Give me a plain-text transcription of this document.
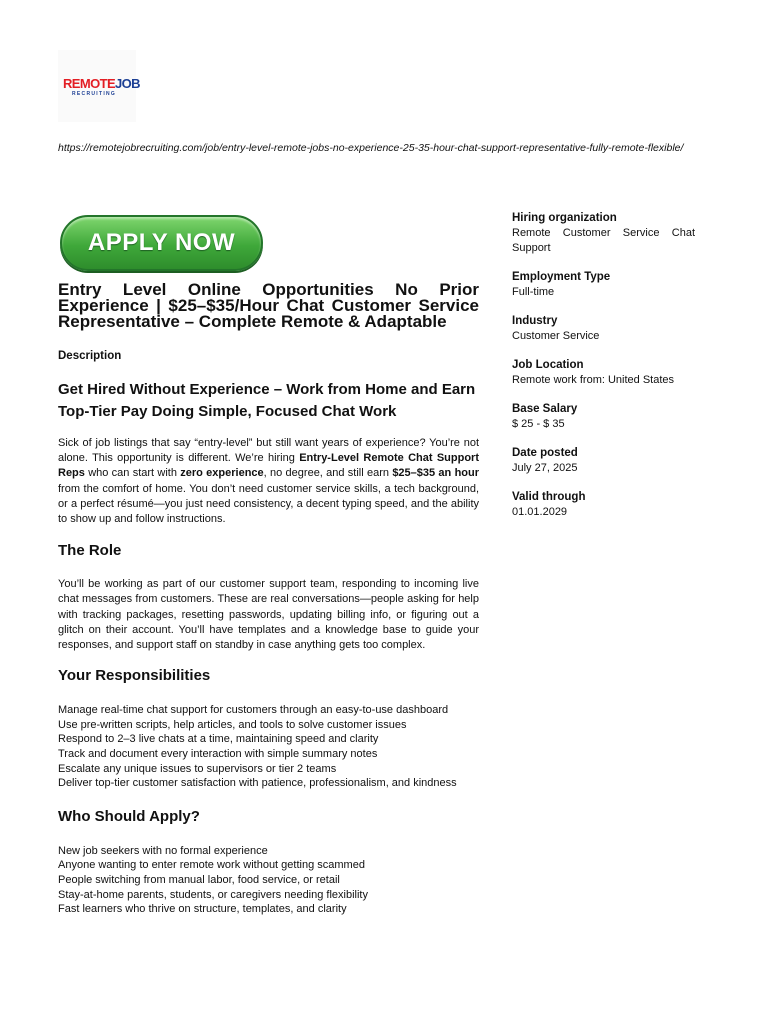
REMOTEJOB
RECRUITING
https://remotejobrecruiting.com/job/entry-level-remote-jobs-no-experience-25-35-hour-chat-support-representative-fully-remote-flexible/
APPLY NOW
Entry Level Online Opportunities No Prior Experience | $25–$35/Hour Chat Customer Service Representative – Complete Remote & Adaptable
Description
Get Hired Without Experience – Work from Home and Earn Top-Tier Pay Doing Simple, Focused Chat Work

Sick of job listings that say “entry-level” but still want years of experience? You’re not alone. This opportunity is different. We’re hiring Entry-Level Remote Chat Support Reps who can start with zero experience, no degree, and still earn $25–$35 an hour from the comfort of home. You don’t need customer service skills, a tech background, or a perfect résumé—you just need consistency, a decent typing speed, and the ability to show up and follow instructions.

The Role

You’ll be working as part of our customer support team, responding to incoming live chat messages from customers. These are real conversations—people asking for help with tracking packages, resetting passwords, updating billing info, or figuring out a glitch on their account. You’ll have templates and a knowledge base to guide your responses, and support staff on standby in case anything gets too complex.

Your Responsibilities
Manage real-time chat support for customers through an easy-to-use dashboard
Use pre-written scripts, help articles, and tools to solve customer issues
Respond to 2–3 live chats at a time, maintaining speed and clarity
Track and document every interaction with simple summary notes
Escalate any unique issues to supervisors or tier 2 teams
Deliver top-tier customer satisfaction with patience, professionalism, and kindness
Who Should Apply?
New job seekers with no formal experience
Anyone wanting to enter remote work without getting scammed
People switching from manual labor, food service, or retail
Stay-at-home parents, students, or caregivers needing flexibility
Fast learners who thrive on structure, templates, and clarity
Hiring organization
Remote Customer Service Chat Support
Employment Type
Full-time
Industry
Customer Service
Job Location
Remote work from: United States
Base Salary
$ 25 - $ 35
Date posted
July 27, 2025
Valid through
01.01.2029
